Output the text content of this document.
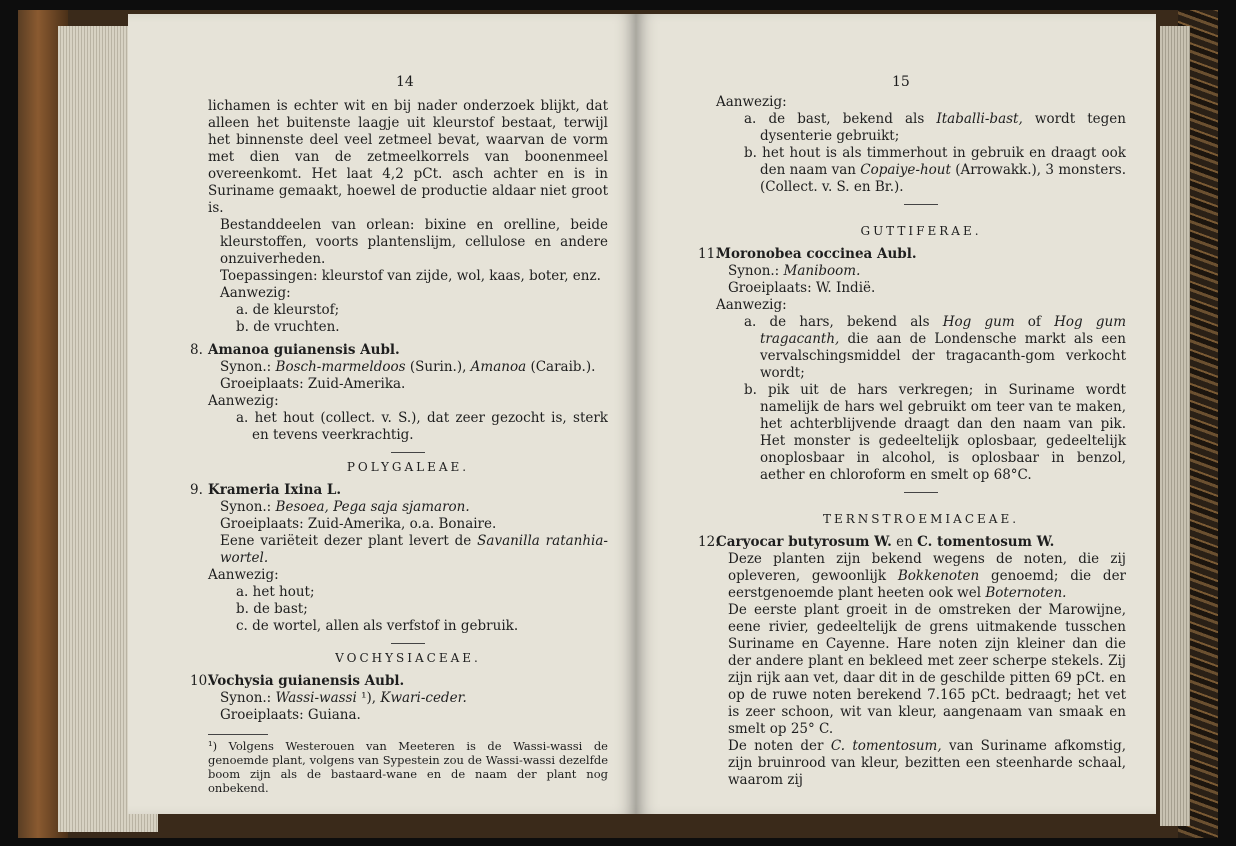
14

lichamen is echter wit en bij nader onderzoek blijkt, dat alleen het buitenste laagje uit kleurstof bestaat, terwijl het binnenste deel veel zetmeel bevat, waarvan de vorm met dien van de zetmeelkorrels van boonenmeel overeenkomt. Het laat 4,2 pCt. asch achter en is in Suriname gemaakt, hoewel de productie aldaar niet groot is.

Bestanddeelen van orlean: bixine en orelline, beide kleurstoffen, voorts plantenslijm, cellulose en andere onzuiverheden.

Toepassingen: kleurstof van zijde, wol, kaas, boter, enz.

Aanwezig:

a. de kleurstof;

b. de vruchten.

8. Amanoa guianensis Aubl.

Synon.: Bosch-marmeldoos (Surin.), Amanoa (Caraib.).

Groeiplaats: Zuid-Amerika.

Aanwezig:

a. het hout (collect. v. S.), dat zeer gezocht is, sterk en tevens veerkrachtig.

POLYGALEAE.

9. Krameria Ixina L.

Synon.: Besoea, Pega saja sjamaron.

Groeiplaats: Zuid-Amerika, o.a. Bonaire.

Eene variëteit dezer plant levert de Savanilla ratanhia-wortel.

Aanwezig:

a. het hout;

b. de bast;

c. de wortel, allen als verfstof in gebruik.

VOCHYSIACEAE.

10.Vochysia guianensis Aubl.

Synon.: Wassi-wassi ¹), Kwari-ceder.

Groeiplaats: Guiana.

¹) Volgens Westerouen van Meeteren is de Wassi-wassi de genoemde plant, volgens van Sypestein zou de Wassi-wassi dezelfde boom zijn als de bastaard-wane en de naam der plant nog onbekend.

15

Aanwezig:

a. de bast, bekend als Itaballi-bast, wordt tegen dysenterie gebruikt;

b. het hout is als timmerhout in gebruik en draagt ook den naam van Copaiye-hout (Arrowakk.), 3 monsters. (Collect. v. S. en Br.).

GUTTIFERAE.

11.Moronobea coccinea Aubl.

Synon.: Maniboom.

Groeiplaats: W. Indië.

Aanwezig:

a. de hars, bekend als Hog gum of Hog gum tragacanth, die aan de Londensche markt als een vervalschingsmiddel der tragacanth-gom verkocht wordt;

b. pik uit de hars verkregen; in Suriname wordt namelijk de hars wel gebruikt om teer van te maken, het achterblijvende draagt dan den naam van pik. Het monster is gedeeltelijk oplosbaar, gedeeltelijk onoplosbaar in alcohol, is oplosbaar in benzol, aether en chloroform en smelt op 68°C.

TERNSTROEMIACEAE.

12.Caryocar butyrosum W. en C. tomentosum W.

Deze planten zijn bekend wegens de noten, die zij opleveren, gewoonlijk Bokkenoten genoemd; die der eerstgenoemde plant heeten ook wel Boternoten.

De eerste plant groeit in de omstreken der Marowijne, eene rivier, gedeeltelijk de grens uitmakende tusschen Suriname en Cayenne. Hare noten zijn kleiner dan die der andere plant en bekleed met zeer scherpe stekels. Zij zijn rijk aan vet, daar dit in de geschilde pitten 69 pCt. en op de ruwe noten berekend 7.165 pCt. bedraagt; het vet is zeer schoon, wit van kleur, aangenaam van smaak en smelt op 25° C.

De noten der C. tomentosum, van Suriname afkomstig, zijn bruinrood van kleur, bezitten een steenharde schaal, waarom zij
